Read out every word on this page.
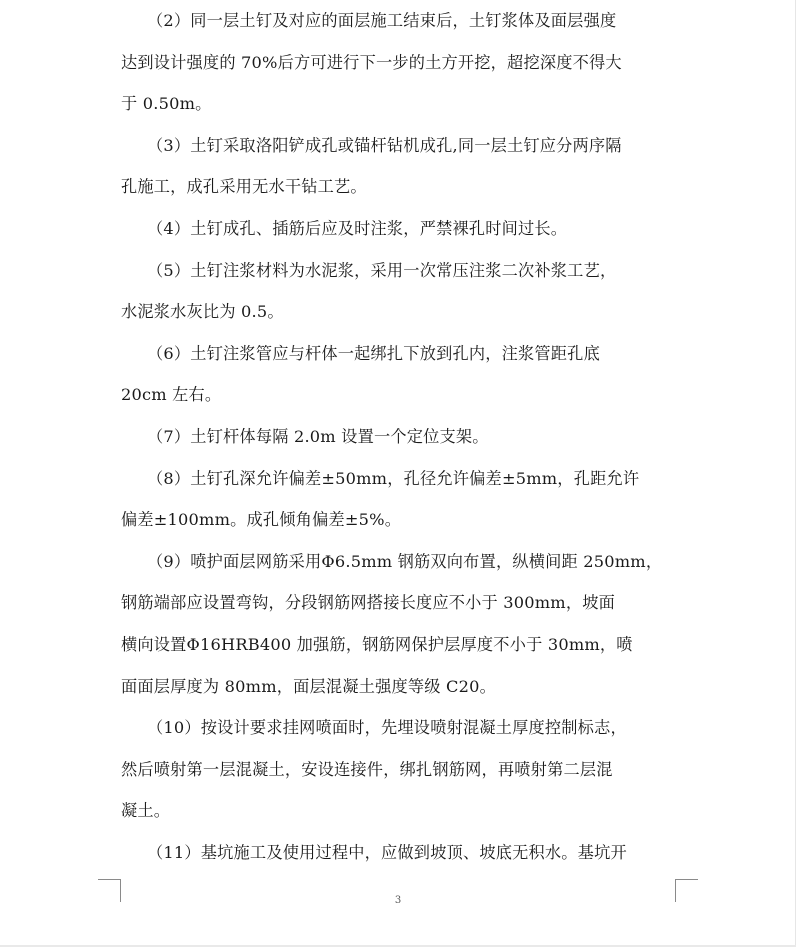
（2）同一层土钉及对应的面层施工结束后，土钉浆体及面层强度
达到设计强度的 70%后方可进行下一步的土方开挖，超挖深度不得大
于 0.50m。
（3）土钉采取洛阳铲成孔或锚杆钻机成孔,同一层土钉应分两序隔
孔施工，成孔采用无水干钻工艺。
（4）土钉成孔、插筋后应及时注浆，严禁裸孔时间过长。
（5）土钉注浆材料为水泥浆，采用一次常压注浆二次补浆工艺，
水泥浆水灰比为 0.5。
（6）土钉注浆管应与杆体一起绑扎下放到孔内，注浆管距孔底
20cm 左右。
（7）土钉杆体每隔 2.0m 设置一个定位支架。
（8）土钉孔深允许偏差±50mm，孔径允许偏差±5mm，孔距允许
偏差±100mm。成孔倾角偏差±5%。
（9）喷护面层网筋采用Φ6.5mm 钢筋双向布置，纵横间距 250mm，
钢筋端部应设置弯钩，分段钢筋网搭接长度应不小于 300mm，坡面
横向设置Φ16HRB400 加强筋，钢筋网保护层厚度不小于 30mm，喷
面面层厚度为 80mm，面层混凝土强度等级 C20。
（10）按设计要求挂网喷面时，先埋设喷射混凝土厚度控制标志，
然后喷射第一层混凝土，安设连接件，绑扎钢筋网，再喷射第二层混
凝土。
（11）基坑施工及使用过程中，应做到坡顶、坡底无积水。基坑开
3
